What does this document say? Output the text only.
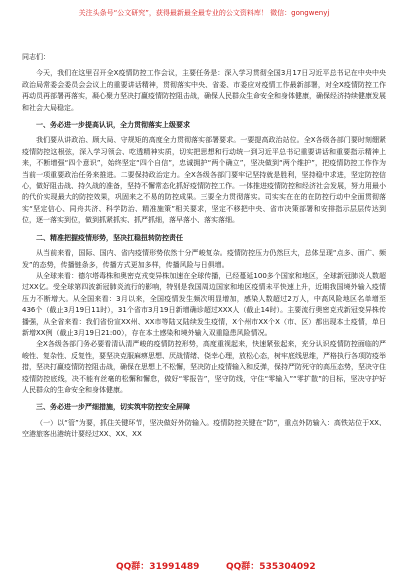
关注头条号“公文研究”，获得最新最全最专业的公文资料库！ 微信：gongwenyj

同志们：

今天，我们在这里召开全X疫情防控工作会议，主要任务是：深入学习贯彻全国3月17日习近平总书记在中央中央政治局常委会委员会会议上的重要讲话精神，贯彻落实中央、省委、市委应对疫情工作最新部署，对全X疫情防控工作再动员再部署再落实，凝心聚力坚决打赢疫情防控阻击战，确保人民群众生命安全和身体健康，确保经济持续健康发展和社会大局稳定。

一、务必进一步提高认识，全力贯彻落实上级要求

我们要从讲政治、顾大局、守规矩的高度全力贯彻落实部署要求。一要提高政治站位。全X各级各部门要时刻绷紧疫情防控这根弦，深入学习领会、吃透精神实质，切实把思想和行动统一到习近平总书记重要讲话和重要指示精神上来，不断增强“四个意识”，始终坚定“四个自信”，忠诚拥护“两个确立”，坚决做到“两个维护”，把疫情防控工作作为当前一项重要政治任务来推进。二要保持政治定力。全X各级各部门要牢记坚持就是胜利，坚持稳中求进，坚定防控信心，做好阻击战、持久战的准备，坚持不懈常态化抓好疫情防控工作。一体推进疫情防控和经济社会发展，努力用最小的代价实现最大的防控效果，巩固来之不易的防控成果。三要全力贯彻落实。司实实在在的在防控行动中全面贯彻落实“坚定信心、同舟共济、科学防治、精准施策”相关要求，坚定不移把中央、省市决策部署和安排指示层层传达到位，逐一落实到位，做到抓紧抓实、抓严抓细，落早落小、落实落细。

二、精准把握疫情形势，坚决扛稳扭转防控责任

从当前来看，国际、国内、省内疫情形势依然十分严峻复杂。疫情防控压力仍然巨大，总体呈现“点多、面广、频发”的态势，传播链条多，传播方式更加多样，传播风险与日俱增。

从全球来看：德尔塔毒株和奥密克戎变异株加速在全球传播，已经蔓延100多个国家和地区，全球新冠肺炎人数超过XX亿。受全球第四波新冠肺炎流行的影响，特别是我国周边国家和地区疫情未平快速上升，近期我国境外输入疫情压力不断增大。从全国来看：3月以来，全国疫情发生频次明显增加，感染人数超过2万人，中高风险地区名单增至436个（截止3月19日11时），31个省市3月19日新增确诊超过XXX人（截止14时）。主要流行奥密克戎新冠变异株传播强，从全省来看：我们省份宣XX州、XX市等陆又陆续发生疫情，X个州市XX个X（市、区）都出现本土疫情，单日新增XX例（截止3月19日21:00），存在本土感染和境外输入双重隐患风险情况。

全X各级各部门务必要看清认清严峻的疫情防控形势，高度重视起来，快速紧张起来，充分认识疫情防控面临的严峻性、复杂性、反复性，要坚决克服麻痹思想、厌战情绪、侥幸心理，放松心态，树牢底线思维，严格执行各项防疫举措，坚决打赢疫情防控阻击战，确保在思想上不松懈，坚决防止疫情输入和反弹，保持严防死守的高压态势，坚决守住疫情防控底线，决不能有丝毫的松懈和懈怠，做好“零报告”，坚守防线，守住“零输入”“零扩散”的目标，坚决守护好人民群众的生命安全和身体健康。

三、务必进一步严细措施，切实筑牢防控安全屏障

（一）以“管”为要，抓住关键环节，坚决做好外防输入。疫情防控关键在“防”，重点外防输入：高铁站位于XX、空港旅客出港统计要经过XX、XX、XX

QQ群：31991489	QQ群：535304092
